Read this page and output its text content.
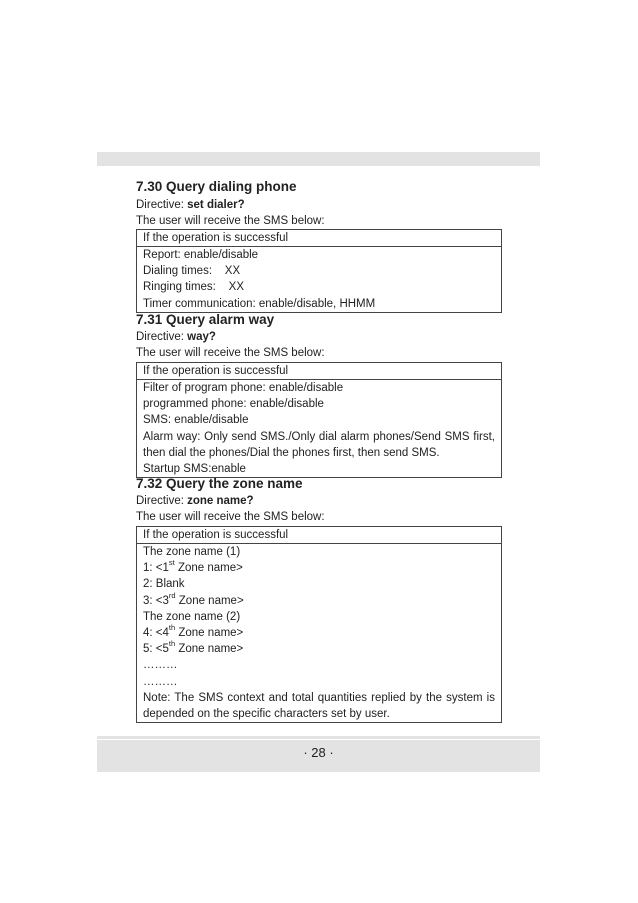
7.30 Query dialing phone
Directive: set dialer?
The user will receive the SMS below:
If the operation is successful
Report: enable/disable
Dialing times:    XX
Ringing times:    XX
Timer communication: enable/disable, HHMM
7.31 Query alarm way
Directive: way?
The user will receive the SMS below:
If the operation is successful
Filter of program phone: enable/disable
programmed phone: enable/disable
SMS: enable/disable
Alarm way: Only send SMS./Only dial alarm phones/Send SMS first, then dial the phones/Dial the phones first, then send SMS.
Startup SMS:enable
7.32 Query the zone name
Directive: zone name?
The user will receive the SMS below:
If the operation is successful
The zone name (1)
1: <1st Zone name>
2: Blank
3: <3rd Zone name>
The zone name (2)
4: <4th Zone name>
5: <5th Zone name>
………
………
Note: The SMS context and total quantities replied by the system is depended on the specific characters set by user.
· 28 ·
